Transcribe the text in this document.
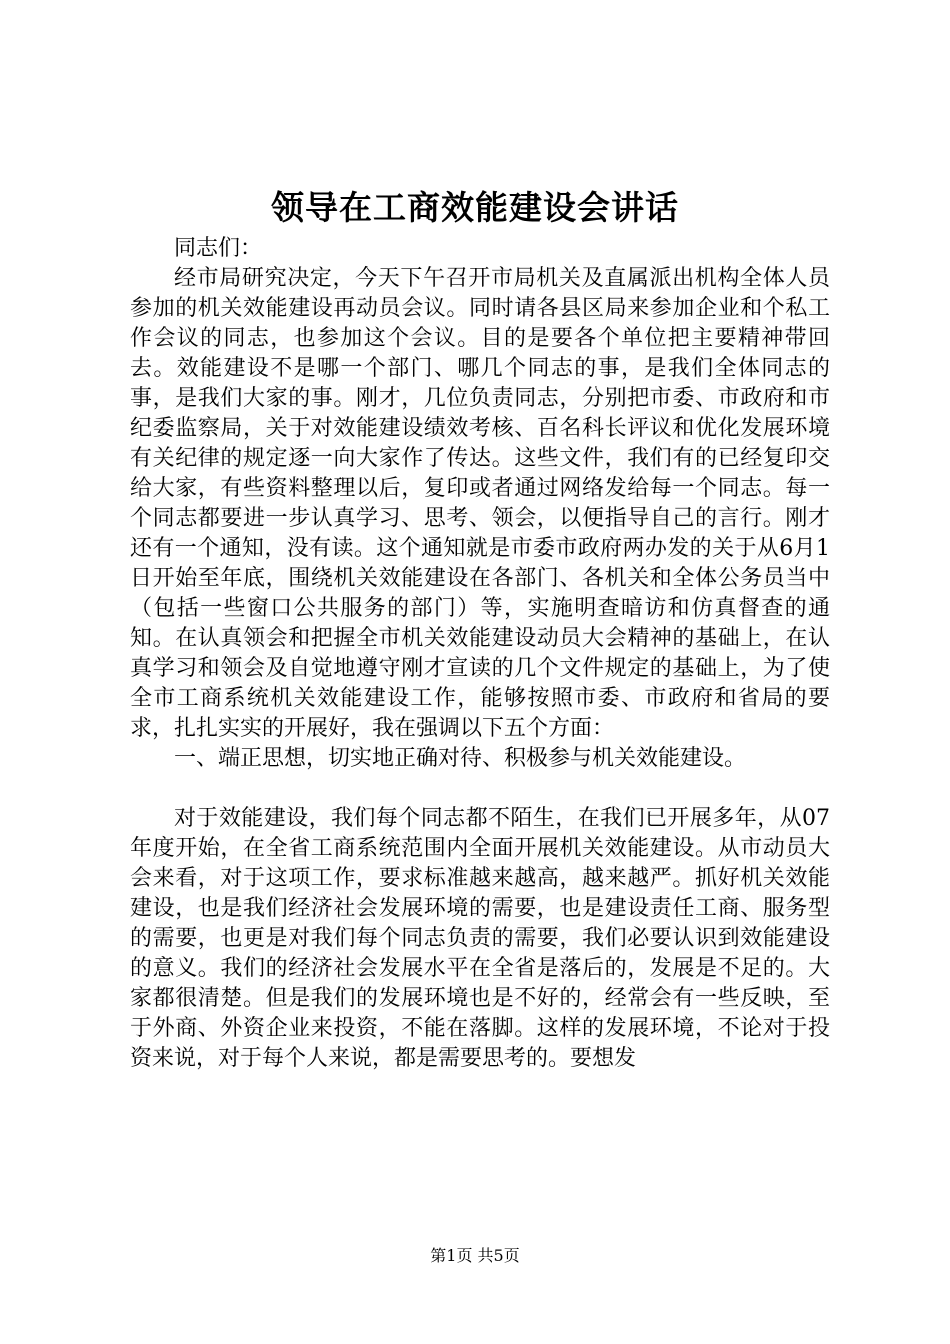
领导在工商效能建设会讲话

同志们：

经市局研究决定，今天下午召开市局机关及直属派出机构全体人员参加的机关效能建设再动员会议。同时请各县区局来参加企业和个私工作会议的同志，也参加这个会议。目的是要各个单位把主要精神带回去。效能建设不是哪一个部门、哪几个同志的事，是我们全体同志的事，是我们大家的事。刚才，几位负责同志，分别把市委、市政府和市纪委监察局，关于对效能建设绩效考核、百名科长评议和优化发展环境有关纪律的规定逐一向大家作了传达。这些文件，我们有的已经复印交给大家，有些资料整理以后，复印或者通过网络发给每一个同志。每一个同志都要进一步认真学习、思考、领会，以便指导自己的言行。刚才还有一个通知，没有读。这个通知就是市委市政府两办发的关于从6月1日开始至年底，围绕机关效能建设在各部门、各机关和全体公务员当中（包括一些窗口公共服务的部门）等，实施明查暗访和仿真督查的通知。在认真领会和把握全市机关效能建设动员大会精神的基础上，在认真学习和领会及自觉地遵守刚才宣读的几个文件规定的基础上，为了使全市工商系统机关效能建设工作，能够按照市委、市政府和省局的要求，扎扎实实的开展好，我在强调以下五个方面：

一、端正思想，切实地正确对待、积极参与机关效能建设。

对于效能建设，我们每个同志都不陌生，在我们已开展多年，从07年度开始，在全省工商系统范围内全面开展机关效能建设。从市动员大会来看，对于这项工作，要求标准越来越高，越来越严。抓好机关效能建设，也是我们经济社会发展环境的需要，也是建设责任工商、服务型的需要，也更是对我们每个同志负责的需要，我们必要认识到效能建设的意义。我们的经济社会发展水平在全省是落后的，发展是不足的。大家都很清楚。但是我们的发展环境也是不好的，经常会有一些反映，至于外商、外资企业来投资，不能在落脚。这样的发展环境，不论对于投资来说，对于每个人来说，都是需要思考的。要想发

第1页 共5页
